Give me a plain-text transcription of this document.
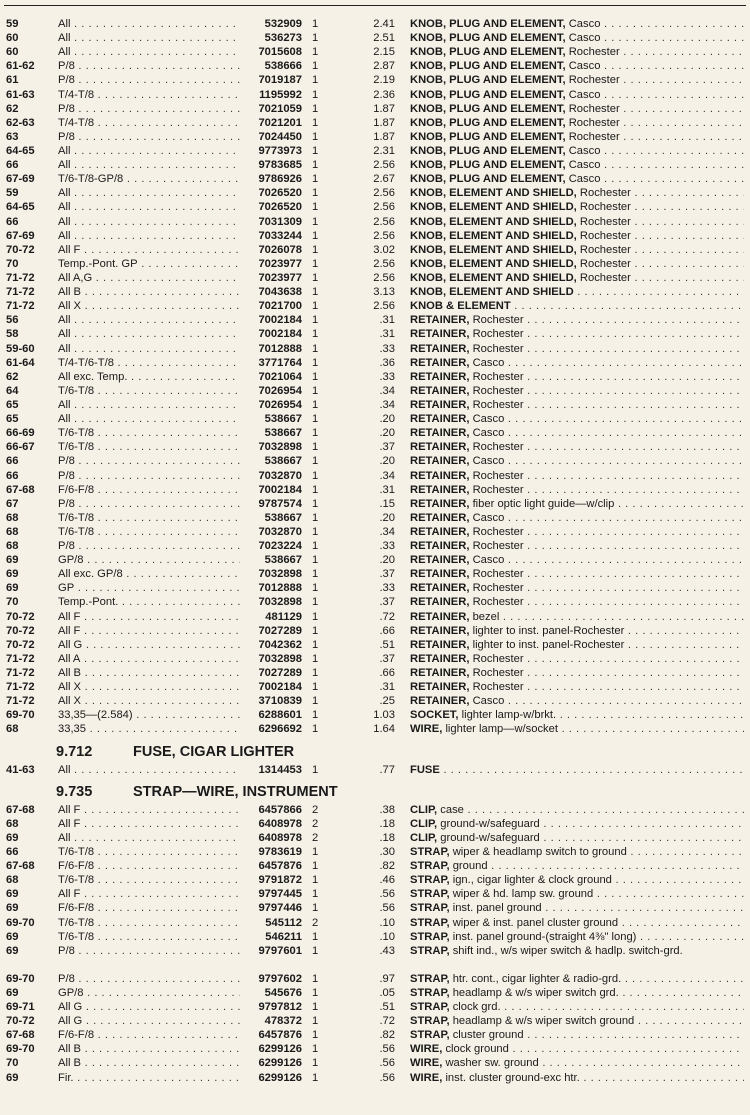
59	All . . .	532909 1	2.41 KNOB, PLUG AND ELEMENT, Casco . . .
60	All . . .	536273 1	2.51 KNOB, PLUG AND ELEMENT, Casco . . .
60	All . . .	7015608 1	2.15 KNOB, PLUG AND ELEMENT, Rochester . . .
61-62	P/8 . . .	538666 1	2.87 KNOB, PLUG AND ELEMENT, Casco . . .
61	P/8 . . .	7019187 1	2.19 KNOB, PLUG AND ELEMENT, Rochester . . .
61-63	T/4-T/8 . . .	1195992 1	2.36 KNOB, PLUG AND ELEMENT, Casco . . .
62	P/8 . . .	7021059 1	1.87 KNOB, PLUG AND ELEMENT, Rochester . . .
62-63	T/4-T/8 . . .	7021201 1	1.87 KNOB, PLUG AND ELEMENT, Rochester . . .
63	P/8 . . .	7024450 1	1.87 KNOB, PLUG AND ELEMENT, Rochester . . .
64-65	All . . .	9773973 1	2.31 KNOB, PLUG AND ELEMENT, Casco . . .
66	All . . .	9783685 1	2.56 KNOB, PLUG AND ELEMENT, Casco . . .
67-69	T/6-T/8-GP/8 . . .	9786926 1	2.67 KNOB, PLUG AND ELEMENT, Casco . . .
59	All . . .	7026520 1	2.56 KNOB, ELEMENT AND SHIELD, Rochester . . .
64-65	All . . .	7026520 1	2.56 KNOB, ELEMENT AND SHIELD, Rochester . . .
66	All . . .	7031309 1	2.56 KNOB, ELEMENT AND SHIELD, Rochester . . .
67-69	All . . .	7033244 1	2.56 KNOB, ELEMENT AND SHIELD, Rochester . . .
70-72	All F . . .	7026078 1	3.02 KNOB, ELEMENT AND SHIELD, Rochester . . .
70	Temp.-Pont. GP . . .	7023977 1	2.56 KNOB, ELEMENT AND SHIELD, Rochester . . .
71-72	All A,G . . .	7023977 1	2.56 KNOB, ELEMENT AND SHIELD, Rochester . . .
71-72	All B . . .	7043638 1	3.13 KNOB, ELEMENT AND SHIELD . . .
71-72	All X . . .	7021700 1	2.56 KNOB & ELEMENT . . .
56	All . . .	7002184 1	.31 RETAINER, Rochester . . .
58	All . . .	7002184 1	.31 RETAINER, Rochester . . .
59-60	All . . .	7012888 1	.33 RETAINER, Rochester . . .
61-64	T/4-T/6-T/8 . . .	3771764 1	.36 RETAINER, Casco . . .
62	All exc. Temp. . . .	7021064 1	.33 RETAINER, Rochester . . .
64	T/6-T/8 . . .	7026954 1	.34 RETAINER, Rochester . . .
65	All . . .	7026954 1	.34 RETAINER, Rochester . . .
65	All . . .	538667 1	.20 RETAINER, Casco . . .
66-69	T/6-T/8 . . .	538667 1	.20 RETAINER, Casco . . .
66-67	T/6-T/8 . . .	7032898 1	.37 RETAINER, Rochester . . .
66	P/8 . . .	538667 1	.20 RETAINER, Casco . . .
66	P/8 . . .	7032870 1	.34 RETAINER, Rochester . . .
67-68	F/6-F/8 . . .	7002184 1	.31 RETAINER, Rochester . . .
67	P/8 . . .	9787574 1	.15 RETAINER, fiber optic light guide—w/clip . . .
68	T/6-T/8 . . .	538667 1	.20 RETAINER, Casco . . .
68	T/6-T/8 . . .	7032870 1	.34 RETAINER, Rochester . . .
68	P/8 . . .	7023224 1	.33 RETAINER, Rochester . . .
69	GP/8 . . .	538667 1	.20 RETAINER, Casco . . .
69	All exc. GP/8 . . .	7032898 1	.37 RETAINER, Rochester . . .
69	GP . . .	7012888 1	.33 RETAINER, Rochester . . .
70	Temp.-Pont. . . .	7032898 1	.37 RETAINER, Rochester . . .
70-72	All F . . .	481129 1	.72 RETAINER, bezel . . .
70-72	All F . . .	7027289 1	.66 RETAINER, lighter to inst. panel-Rochester . . .
70-72	All G . . .	7042362 1	.51 RETAINER, lighter to inst. panel-Rochester . . .
71-72	All A . . .	7032898 1	.37 RETAINER, Rochester . . .
71-72	All B . . .	7027289 1	.66 RETAINER, Rochester . . .
71-72	All X . . .	7002184 1	.31 RETAINER, Rochester . . .
71-72	All X . . .	3710839 1	.25 RETAINER, Casco . . .
69-70	33,35—(2.584) . . .	6288601 1	1.03 SOCKET, lighter lamp-w/brkt. . . .
68	33,35 . . .	6296692 1	1.64 WIRE, lighter lamp—w/socket . . .
9.712	FUSE, CIGAR LIGHTER
41-63	All . . .	1314453 1	.77 FUSE . . .
9.735	STRAP—WIRE, INSTRUMENT
67-68	All F . . .	6457866 2	.38 CLIP, case . . .
68	All F . . .	6408978 2	.18 CLIP, ground-w/safeguard . . .
69	All . . .	6408978 2	.18 CLIP, ground-w/safeguard . . .
66	T/6-T/8 . . .	9783619 1	.30 STRAP, wiper & headlamp switch to ground . . .
67-68	F/6-F/8 . . .	6457876 1	.82 STRAP, ground . . .
68	T/6-T/8 . . .	9791872 1	.46 STRAP, ign., cigar lighter & clock ground . . .
69	All F . . .	9797445 1	.56 STRAP, wiper & hd. lamp sw. ground . . .
69	F/6-F/8 . . .	9797446 1	.56 STRAP, inst. panel ground . . .
69-70	T/6-T/8 . . .	545112 2	.10 STRAP, wiper & inst. panel cluster ground . . .
69	T/6-T/8 . . .	546211 1	.10 STRAP, inst. panel ground-(straight 4⅜" long) . . .
69	P/8 . . .	9797601 1	.43 STRAP, shift ind., w/s wiper switch & hadlp. switch-grd.
69-70	P/8 . . .	9797602 1	.97 STRAP, htr. cont., cigar lighter & radio-grd. . . .
69	GP/8 . . .	545676 1	.05 STRAP, headlamp & w/s wiper switch grd. . . .
69-71	All G . . .	9797812 1	.51 STRAP, clock grd. . . .
70-72	All G . . .	478372 1	.72 STRAP, headlamp & w/s wiper switch ground . . .
67-68	F/6-F/8 . . .	6457876 1	.82 STRAP, cluster ground . . .
69-70	All B . . .	6299126 1	.56 WIRE, clock ground . . .
70	All B . . .	6299126 1	.56 WIRE, washer sw. ground . . .
69	Fir. . . .	6299126 1	.56 WIRE, inst. cluster ground-exc htr. . . .
